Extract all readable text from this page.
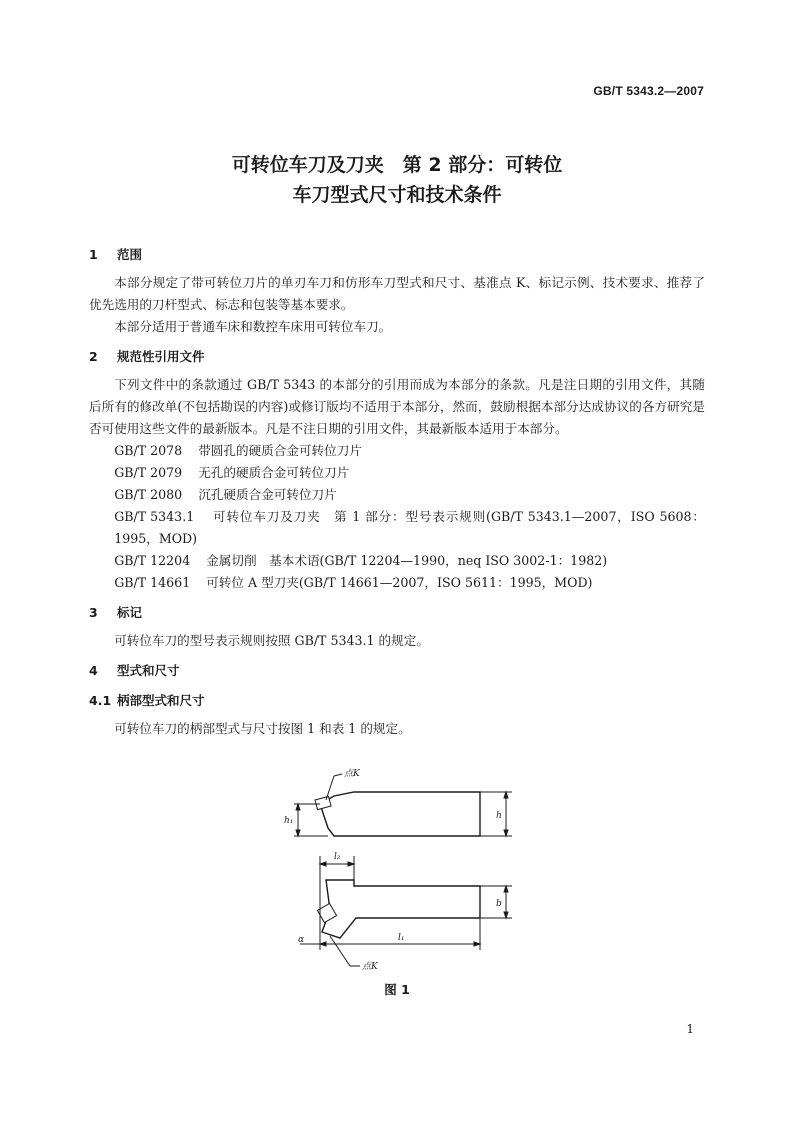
GB/T 5343.2—2007
可转位车刀及刀夹　第 2 部分：可转位
车刀型式尺寸和技术条件
1 范围

本部分规定了带可转位刀片的单刃车刀和仿形车刀型式和尺寸、基准点 K、标记示例、技术要求、推荐了优先选用的刀杆型式、标志和包装等基本要求。

本部分适用于普通车床和数控车床用可转位车刀。

2 规范性引用文件

下列文件中的条款通过 GB/T 5343 的本部分的引用而成为本部分的条款。凡是注日期的引用文件，其随后所有的修改单(不包括勘误的内容)或修订版均不适用于本部分，然而，鼓励根据本部分达成协议的各方研究是否可使用这些文件的最新版本。凡是不注日期的引用文件，其最新版本适用于本部分。

GB/T 2078 带圆孔的硬质合金可转位刀片
GB/T 2079 无孔的硬质合金可转位刀片
GB/T 2080 沉孔硬质合金可转位刀片

GB/T 5343.1 可转位车刀及刀夹　第 1 部分：型号表示规则(GB/T 5343.1—2007，ISO 5608：1995，MOD)

GB/T 12204 金属切削　基本术语(GB/T 12204—1990，neq ISO 3002-1：1982)
GB/T 14661 可转位 A 型刀夹(GB/T 14661—2007，ISO 5611：1995，MOD)
3 标记

可转位车刀的型号表示规则按照 GB/T 5343.1 的规定。

4 型式和尺寸
4.1 柄部型式和尺寸

可转位车刀的柄部型式与尺寸按图 1 和表 1 的规定。

点K
h₁	h
l₂
b
l₁
α
点K
图 1
1
